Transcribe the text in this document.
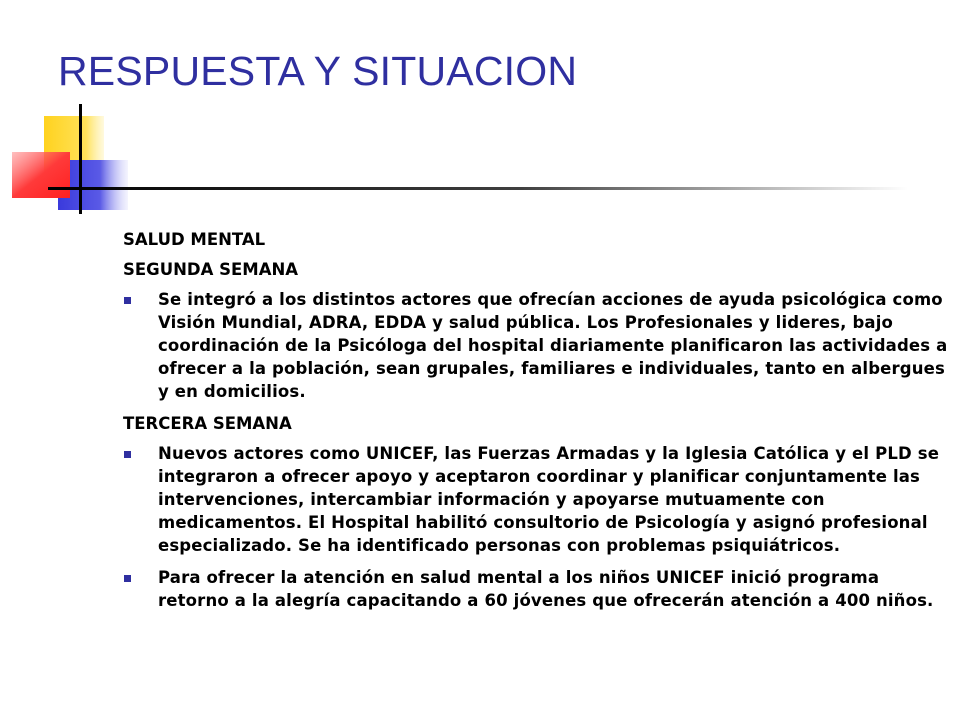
RESPUESTA Y SITUACION
SALUD MENTAL
SEGUNDA SEMANA
Se integró a los distintos actores que ofrecían acciones de ayuda psicológica como Visión Mundial, ADRA, EDDA y salud pública. Los Profesionales y lideres, bajo coordinación de la Psicóloga del hospital diariamente planificaron las actividades a ofrecer a la población, sean grupales, familiares e individuales, tanto en albergues y en domicilios.
TERCERA SEMANA
Nuevos actores como UNICEF, las Fuerzas Armadas y la Iglesia Católica y el PLD se integraron a ofrecer apoyo y aceptaron coordinar y planificar conjuntamente las intervenciones, intercambiar información y apoyarse mutuamente con medicamentos. El Hospital habilitó consultorio de Psicología y asignó profesional especializado. Se ha identificado personas con problemas psiquiátricos.
Para ofrecer la atención en salud mental a los niños UNICEF inició programa retorno a la alegría capacitando a 60 jóvenes que ofrecerán atención a 400 niños.
